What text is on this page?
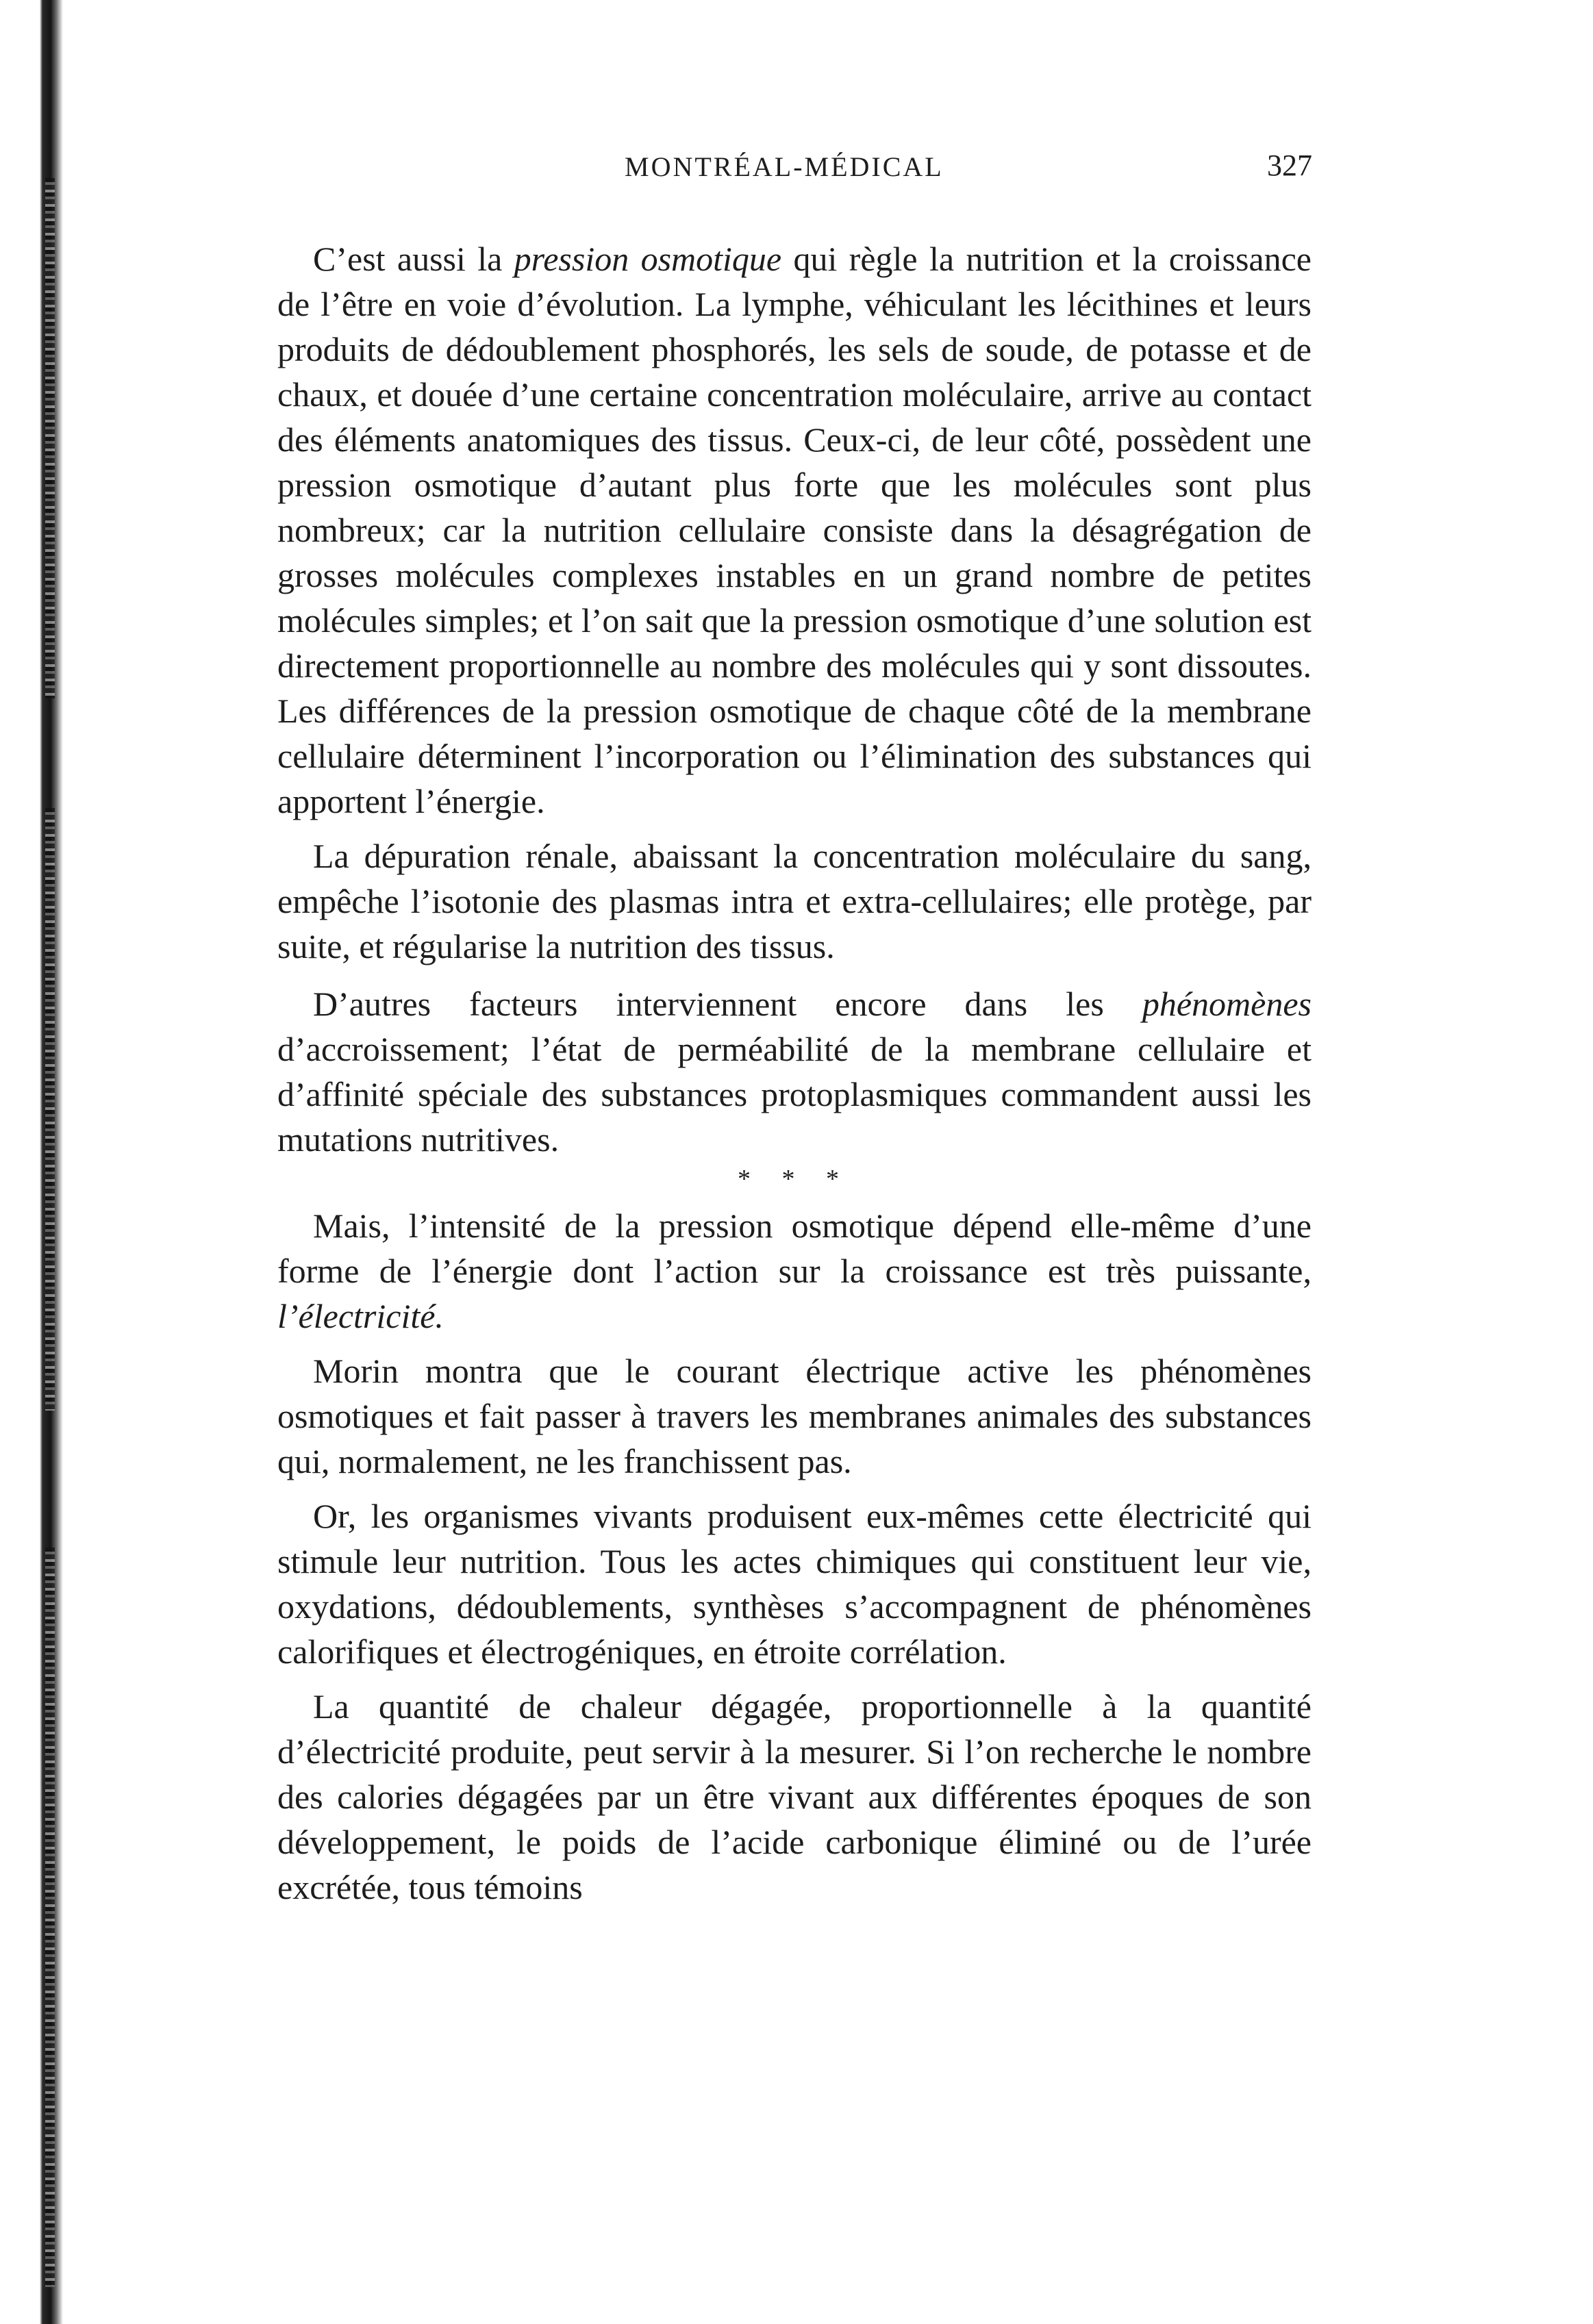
MONTRÉAL-MÉDICAL	327

C’est aussi la pression osmotique qui règle la nutrition et la croissance de l’être en voie d’évolution. La lymphe, véhiculant les lécithines et leurs produits de dédoublement phosphorés, les sels de soude, de potasse et de chaux, et douée d’une certaine concentration moléculaire, arrive au contact des éléments anatomiques des tissus. Ceux-ci, de leur côté, possèdent une pression osmotique d’autant plus forte que les molécules sont plus nombreux; car la nutrition cellulaire consiste dans la désagrégation de grosses molécules complexes instables en un grand nombre de petites molécules simples; et l’on sait que la pression osmotique d’une solution est directement proportionnelle au nombre des molécules qui y sont dissoutes. Les différences de la pression osmotique de chaque côté de la membrane cellulaire déterminent l’incorporation ou l’élimination des substances qui apportent l’énergie.

La dépuration rénale, abaissant la concentration moléculaire du sang, empêche l’isotonie des plasmas intra et extra-cellulaires; elle protège, par suite, et régularise la nutrition des tissus.

D’autres facteurs interviennent encore dans les phénomènes d’accroissement; l’état de perméabilité de la membrane cellulaire et d’affinité spéciale des substances protoplasmiques commandent aussi les mutations nutritives.

* * *

Mais, l’intensité de la pression osmotique dépend elle-même d’une forme de l’énergie dont l’action sur la croissance est très puissante, l’électricité.

Morin montra que le courant électrique active les phénomènes osmotiques et fait passer à travers les membranes animales des substances qui, normalement, ne les franchissent pas.

Or, les organismes vivants produisent eux-mêmes cette électricité qui stimule leur nutrition. Tous les actes chimiques qui constituent leur vie, oxydations, dédoublements, synthèses s’accompagnent de phénomènes calorifiques et électrogéniques, en étroite corrélation.

La quantité de chaleur dégagée, proportionnelle à la quantité d’électricité produite, peut servir à la mesurer. Si l’on recherche le nombre des calories dégagées par un être vivant aux différentes époques de son développement, le poids de l’acide carbonique éliminé ou de l’urée excrétée, tous témoins
